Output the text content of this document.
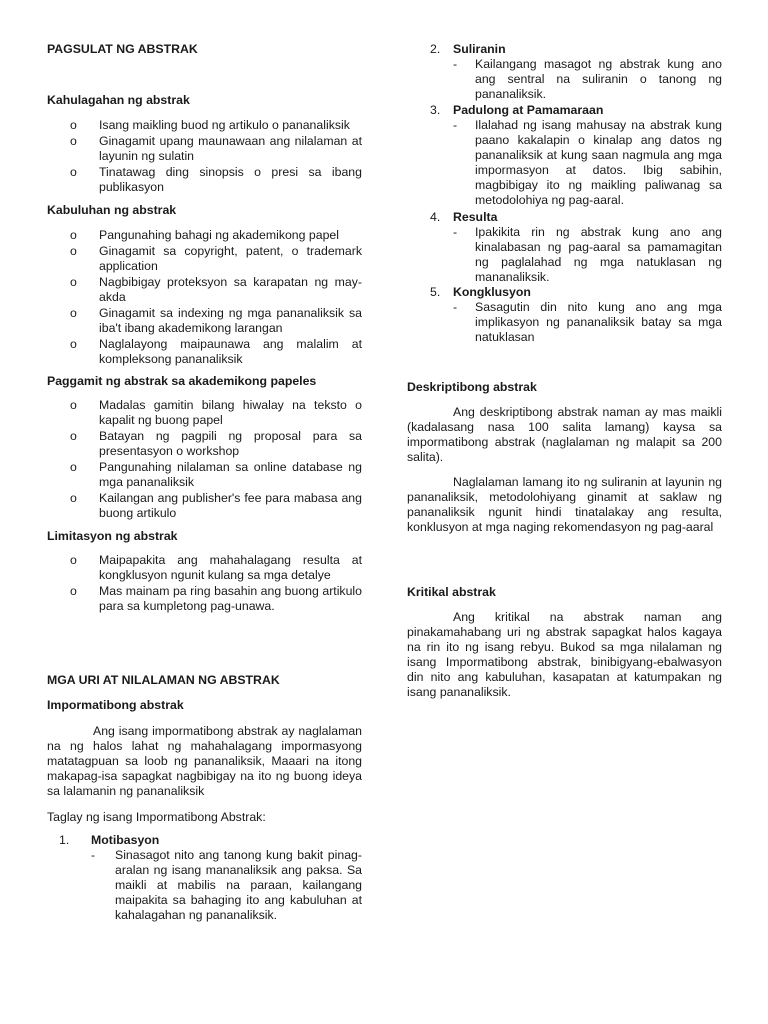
PAGSULAT NG ABSTRAK

Kahulagahan ng abstrak

o	Isang maikling buod ng artikulo o pananaliksik
o	Ginagamit upang maunawaan ang nilalaman at layunin ng sulatin
o	Tinatawag ding sinopsis o presi sa ibang publikasyon

Kabuluhan ng abstrak

o	Pangunahing bahagi ng akademikong papel
o	Ginagamit sa copyright, patent, o trademark application
o	Nagbibigay proteksyon sa karapatan ng may-akda
o	Ginagamit sa indexing ng mga pananaliksik sa iba't ibang akademikong larangan
o	Naglalayong maipaunawa ang malalim at kompleksong pananaliksik

Paggamit ng abstrak sa akademikong papeles

o	Madalas gamitin bilang hiwalay na teksto o kapalit ng buong papel
o	Batayan ng pagpili ng proposal para sa presentasyon o workshop
o	Pangunahing nilalaman sa online database ng mga pananaliksik
o	Kailangan ang publisher's fee para mabasa ang buong artikulo

Limitasyon ng abstrak

o	Maipapakita ang mahahalagang resulta at kongklusyon ngunit kulang sa mga detalye
o	Mas mainam pa ring basahin ang buong artikulo para sa kumpletong pag-unawa.

MGA URI AT NILALAMAN NG ABSTRAK

Impormatibong abstrak

Ang isang impormatibong abstrak ay naglalaman na ng halos lahat ng mahahalagang impormasyong matatagpuan sa loob ng pananaliksik, Maaari na itong makapag-isa sapagkat nagbibigay na ito ng buong ideya sa lalamanin ng pananaliksik

Taglay ng isang Impormatibong Abstrak:

1.	Motibasyon
-	Sinasagot nito ang tanong kung bakit pinag-aralan ng isang mananaliksik ang paksa. Sa maikli at mabilis na paraan, kailangang maipakita sa bahaging ito ang kabuluhan at kahalagahan ng pananaliksik.
2.	Suliranin
-	Kailangang masagot ng abstrak kung ano ang sentral na suliranin o tanong ng pananaliksik.
3.	Padulong at Pamamaraan
-	Ilalahad ng isang mahusay na abstrak kung paano kakalapin o kinalap ang datos ng pananaliksik at kung saan nagmula ang mga impormasyon at datos. Ibig sabihin, magbibigay ito ng maikling paliwanag sa metodolohiya ng pag-aaral.
4.	Resulta
-	Ipakikita rin ng abstrak kung ano ang kinalabasan ng pag-aaral sa pamamagitan ng paglalahad ng mga natuklasan ng mananaliksik.
5.	Kongklusyon
-	Sasagutin din nito kung ano ang mga implikasyon ng pananaliksik batay sa mga natuklasan

Deskriptibong abstrak

Ang deskriptibong abstrak naman ay mas maikli (kadalasang nasa 100 salita lamang) kaysa sa impormatibong abstrak (naglalaman ng malapit sa 200 salita).

Naglalaman lamang ito ng suliranin at layunin ng pananaliksik, metodolohiyang ginamit at saklaw ng pananaliksik ngunit hindi tinatalakay ang resulta, konklusyon at mga naging rekomendasyon ng pag-aaral

Kritikal abstrak

Ang kritikal na abstrak naman ang pinakamahabang uri ng abstrak sapagkat halos kagaya na rin ito ng isang rebyu. Bukod sa mga nilalaman ng isang Impormatibong abstrak, binibigyang-ebalwasyon din nito ang kabuluhan, kasapatan at katumpakan ng isang pananaliksik.
